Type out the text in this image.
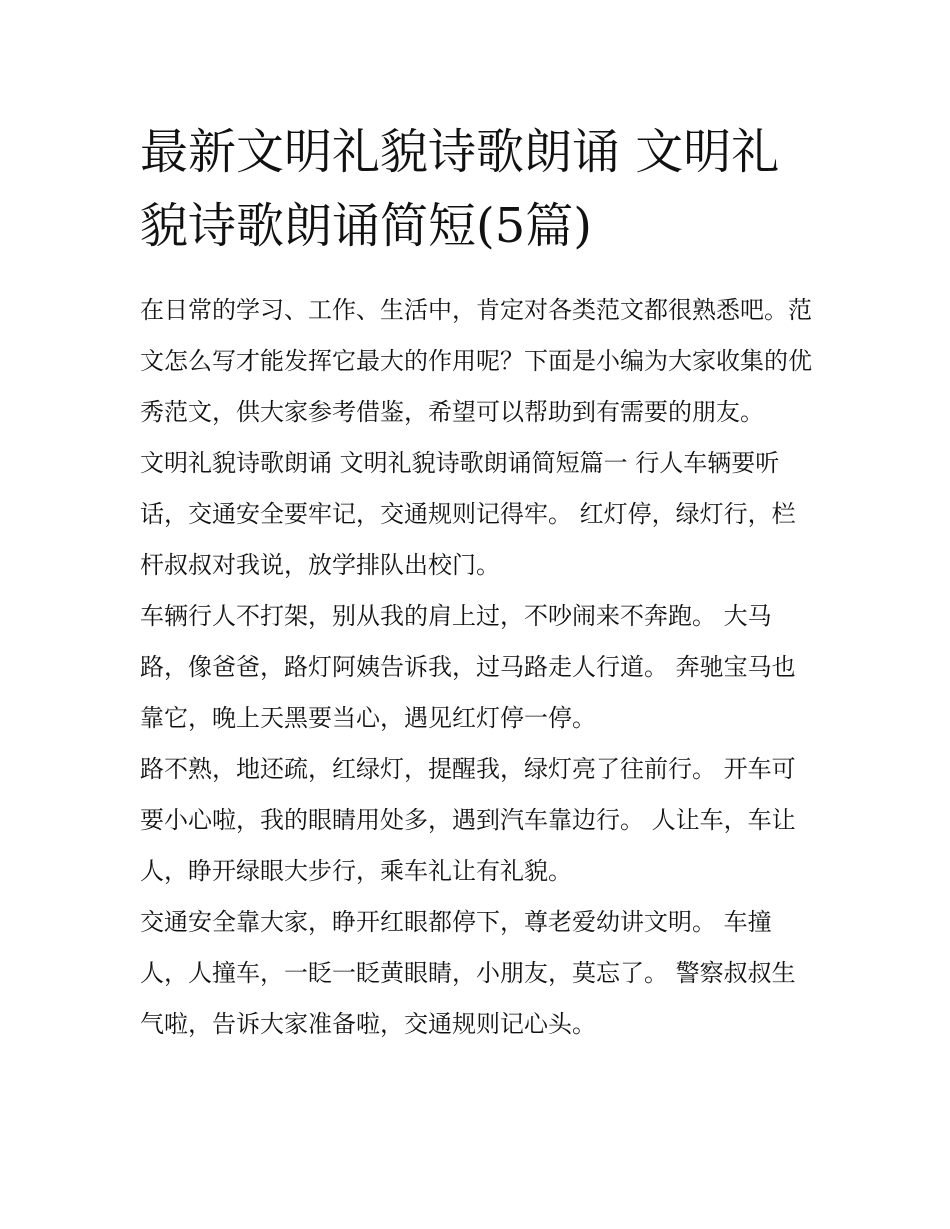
最新文明礼貌诗歌朗诵 文明礼貌诗歌朗诵简短(5篇)

在日常的学习、工作、生活中，肯定对各类范文都很熟悉吧。范文怎么写才能发挥它最大的作用呢？下面是小编为大家收集的优秀范文，供大家参考借鉴，希望可以帮助到有需要的朋友。

文明礼貌诗歌朗诵 文明礼貌诗歌朗诵简短篇一 行人车辆要听话，交通安全要牢记，交通规则记得牢。 红灯停，绿灯行，栏杆叔叔对我说，放学排队出校门。

车辆行人不打架，别从我的肩上过，不吵闹来不奔跑。 大马路，像爸爸，路灯阿姨告诉我，过马路走人行道。 奔驰宝马也靠它，晚上天黑要当心，遇见红灯停一停。

路不熟，地还疏，红绿灯，提醒我，绿灯亮了往前行。 开车可要小心啦，我的眼睛用处多，遇到汽车靠边行。 人让车，车让人，睁开绿眼大步行，乘车礼让有礼貌。

交通安全靠大家，睁开红眼都停下，尊老爱幼讲文明。 车撞人，人撞车，一眨一眨黄眼睛，小朋友，莫忘了。 警察叔叔生气啦，告诉大家准备啦，交通规则记心头。
